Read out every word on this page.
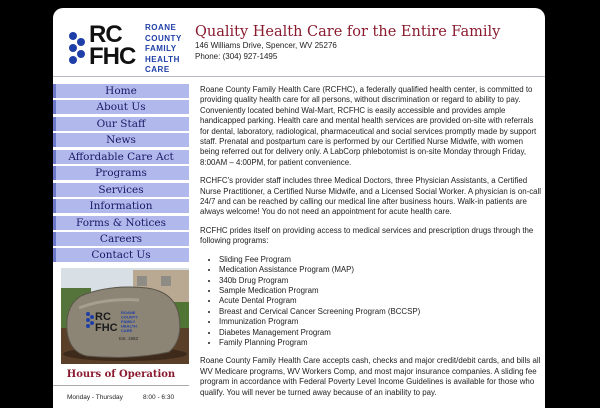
RC
FHC
ROANE
COUNTY
FAMILY
HEALTH
CARE
Quality Health Care for the Entire Family
146 Williams Drive, Spencer, WV 25276
Phone: (304) 927-1495
Home
About Us
Our Staff
News
Affordable Care Act
Programs
Services
Information
Forms & Notices
Careers
Contact Us
RC
FHC
ROANE
COUNTY
FAMILY
HEALTH
CARE
Est. 1983
Hours of Operation
Monday - Thursday	8:00 - 6:30

Roane County Family Health Care (RCFHC), a federally qualified health center, is committed to providing quality health care for all persons, without discrimination or regard to ability to pay. Conveniently located behind Wal-Mart, RCFHC is easily accessible and provides ample handicapped parking. Health care and mental health services are provided on-site with referrals for dental, laboratory, radiological, pharmaceutical and social services promptly made by support staff. Prenatal and postpartum care is performed by our Certified Nurse Midwife, with women being referred out for delivery only. A LabCorp phlebotomist is on-site Monday through Friday, 8:00AM – 4:00PM, for patient convenience.

RCHFC's provider staff includes three Medical Doctors, three Physician Assistants, a Certified Nurse Practitioner, a Certified Nurse Midwife, and a Licensed Social Worker. A physician is on-call 24/7 and can be reached by calling our medical line after business hours. Walk-in patients are always welcome! You do not need an appointment for acute health care.

RCFHC prides itself on providing access to medical services and prescription drugs through the following programs:

• Sliding Fee Program
• Medication Assistance Program (MAP)
• 340b Drug Program
• Sample Medication Program
• Acute Dental Program
• Breast and Cervical Cancer Screening Program (BCCSP)
• Immunization Program
• Diabetes Management Program
• Family Planning Program

Roane County Family Health Care accepts cash, checks and major credit/debit cards, and bills all WV Medicare programs, WV Workers Comp, and most major insurance companies. A sliding fee program in accordance with Federal Poverty Level Income Guidelines is available for those who qualify. You will never be turned away because of an inability to pay.
